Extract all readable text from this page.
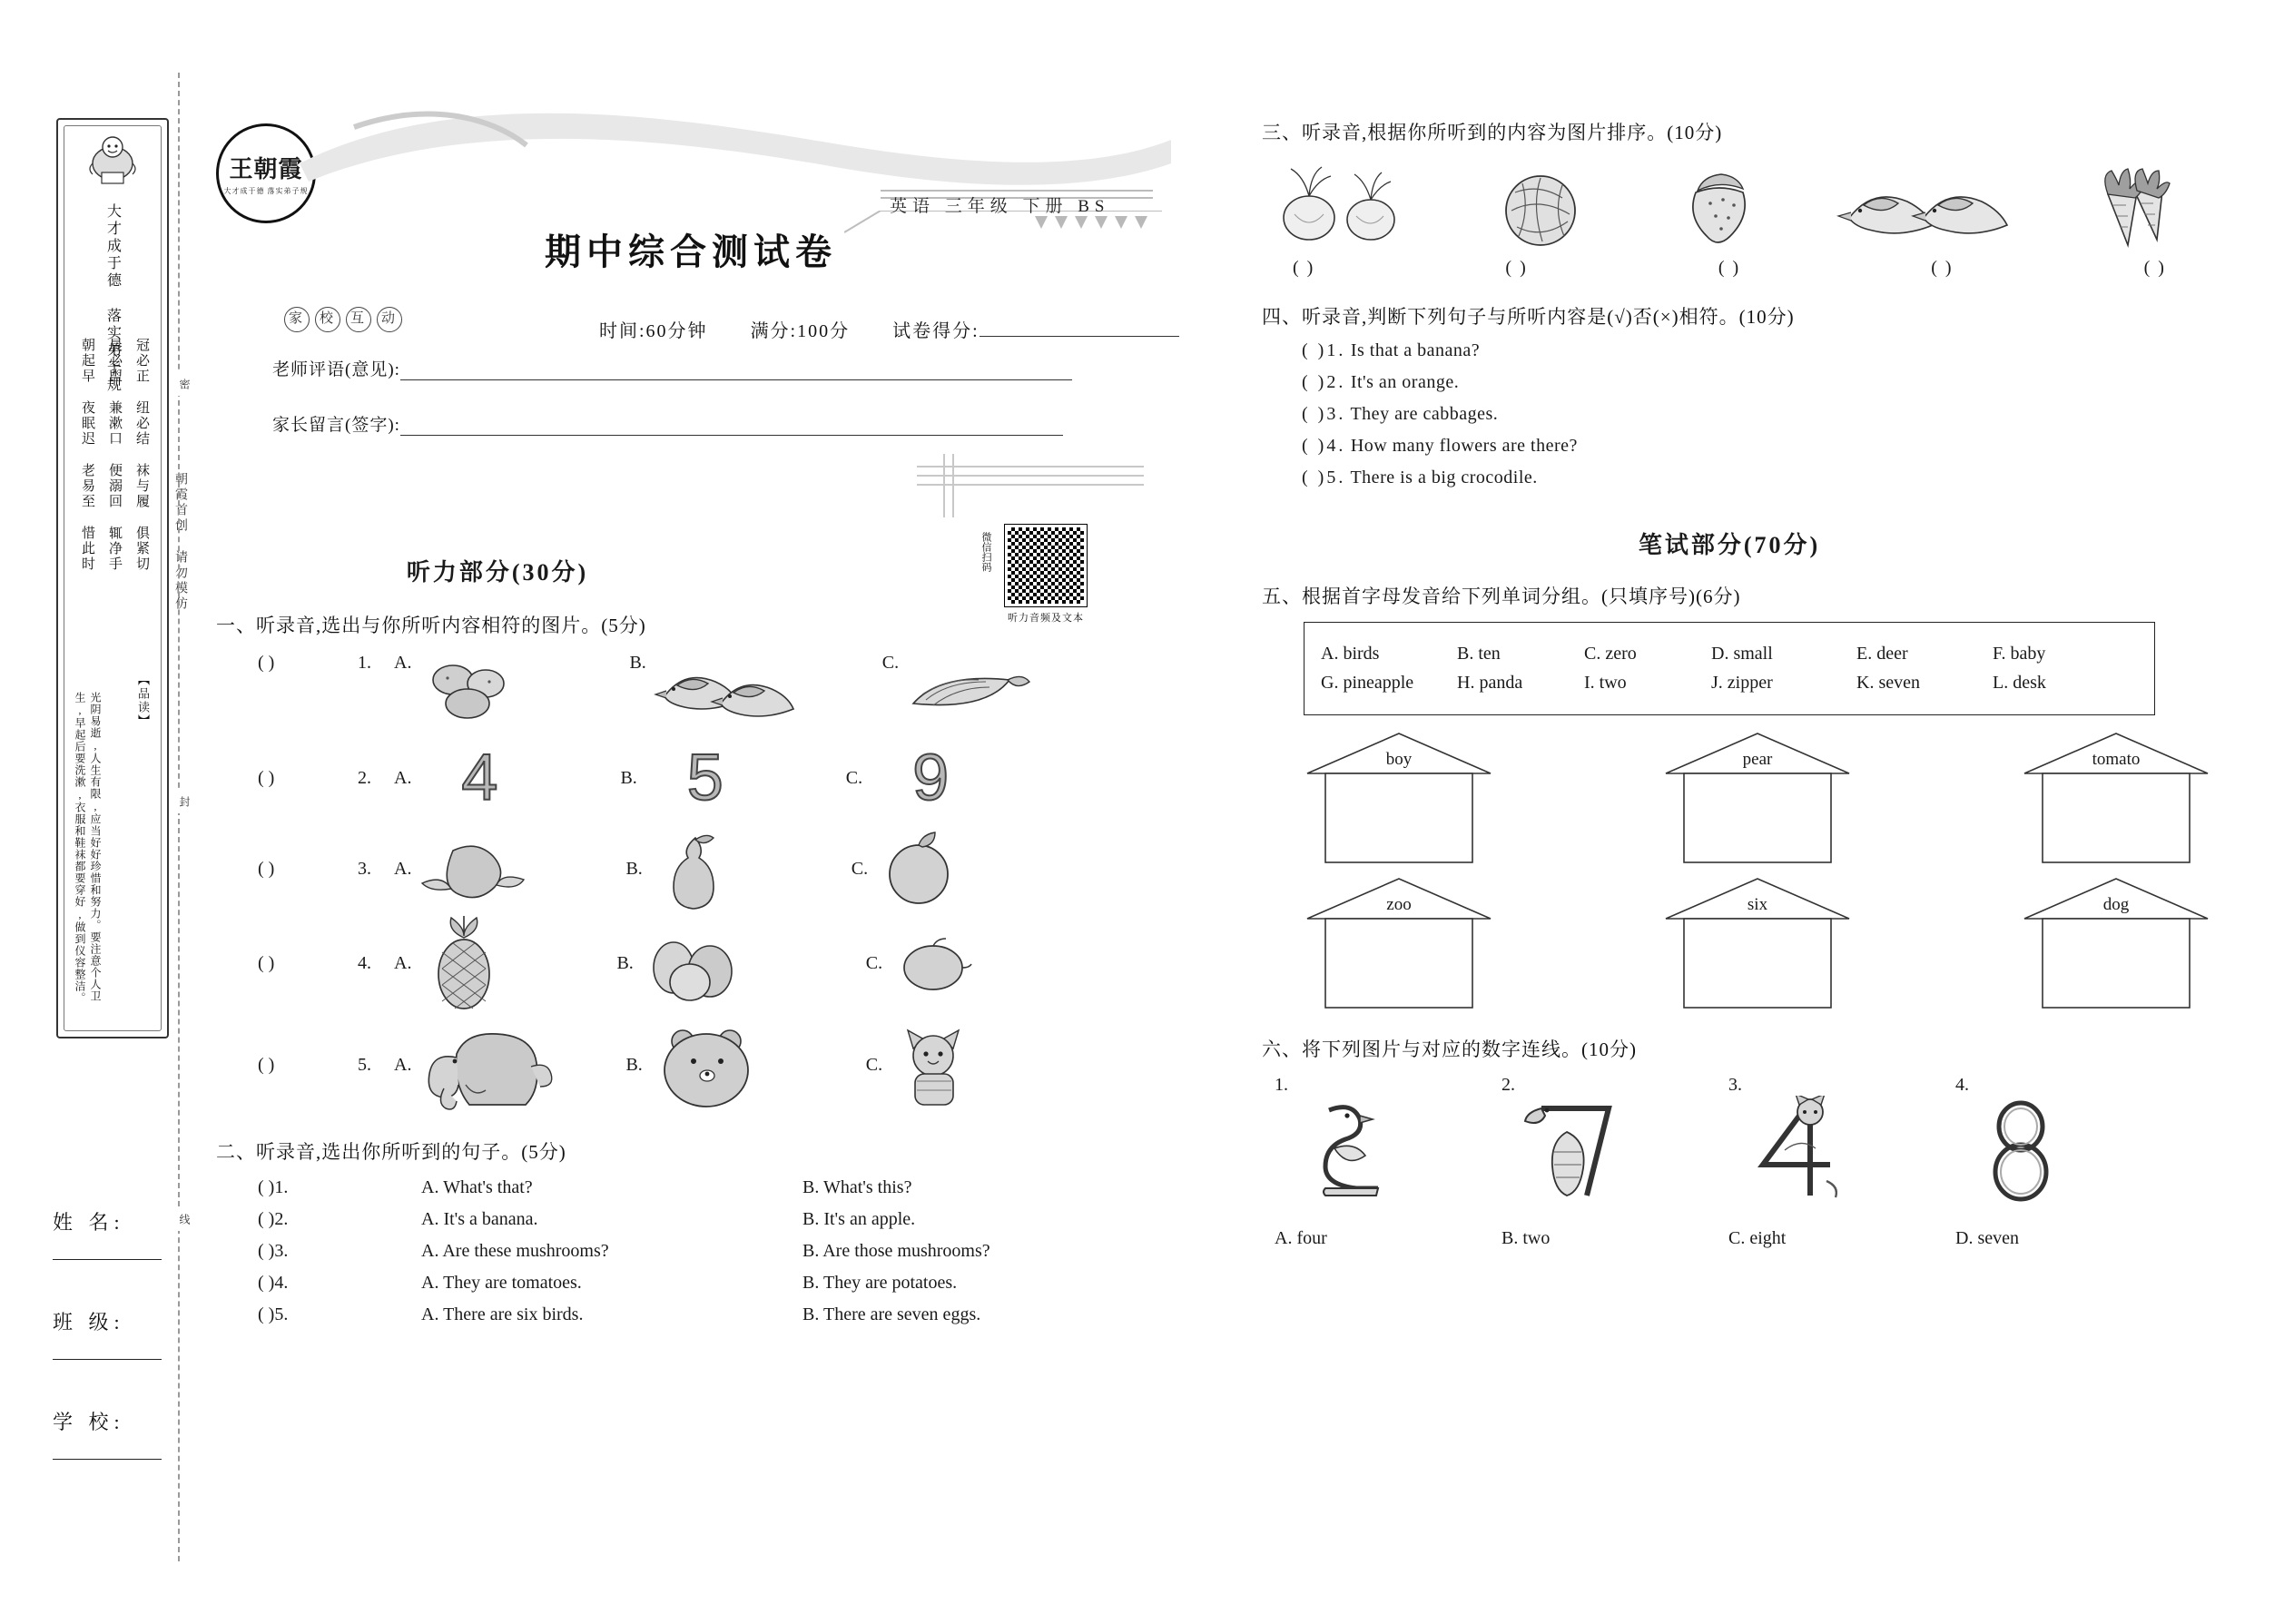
大才成于德 落实弟子规
冠必正 纽必结 袜与履 俱紧切
晨必盥 兼漱口 便溺回 辄净手
朝起早 夜眠迟 老易至 惜此时
【品读】
光阴易逝,人生有限,应当好好珍惜和努力。要注意个人卫生,早起后要洗漱,衣服和鞋袜都要穿好,做到仪容整洁。
朝霞首创 请勿模仿
密
封
线
姓 名:
班 级:
学 校:
王朝霞
大才成于德 落实弟子规
英语 三年级 下册 BS
期中综合测试卷
家 校 互 动
时间:60分钟 满分:100分 试卷得分:
老师评语(意见):
家长留言(签字):
听力音频及文本
微信扫码
听力部分(30分)
一、听录音,选出与你所听内容相符的图片。(5分)
( )	1.	A.	B.	C.
( )	2.	A. 4	B. 5	C. 9
( )	3.	A.	B.	C.
( )	4.	A.	B.	C.
( )	5.	A.	B.	C.
二、听录音,选出你所听到的句子。(5分)
( )1.	A. What's that?	B. What's this?
( )2.	A. It's a banana.	B. It's an apple.
( )3.	A. Are these mushrooms?	B. Are those mushrooms?
( )4.	A. They are tomatoes.	B. They are potatoes.
( )5.	A. There are six birds.	B. There are seven eggs.
三、听录音,根据你所听到的内容为图片排序。(10分)
( )	( )	( )	( )	( )
四、听录音,判断下列句子与所听内容是(√)否(×)相符。(10分)
( )1. Is that a banana?
( )2. It's an orange.
( )3. They are cabbages.
( )4. How many flowers are there?
( )5. There is a big crocodile.
笔试部分(70分)
五、根据首字母发音给下列单词分组。(只填序号)(6分)
A. birds	B. ten	C. zero	D. small	E. deer	F. baby
G. pineapple	H. panda	I. two	J. zipper	K. seven	L. desk
boy	pear	tomato
zoo	six	dog
六、将下列图片与对应的数字连线。(10分)
1.	2.	3.	4.
A. four	B. two	C. eight	D. seven
